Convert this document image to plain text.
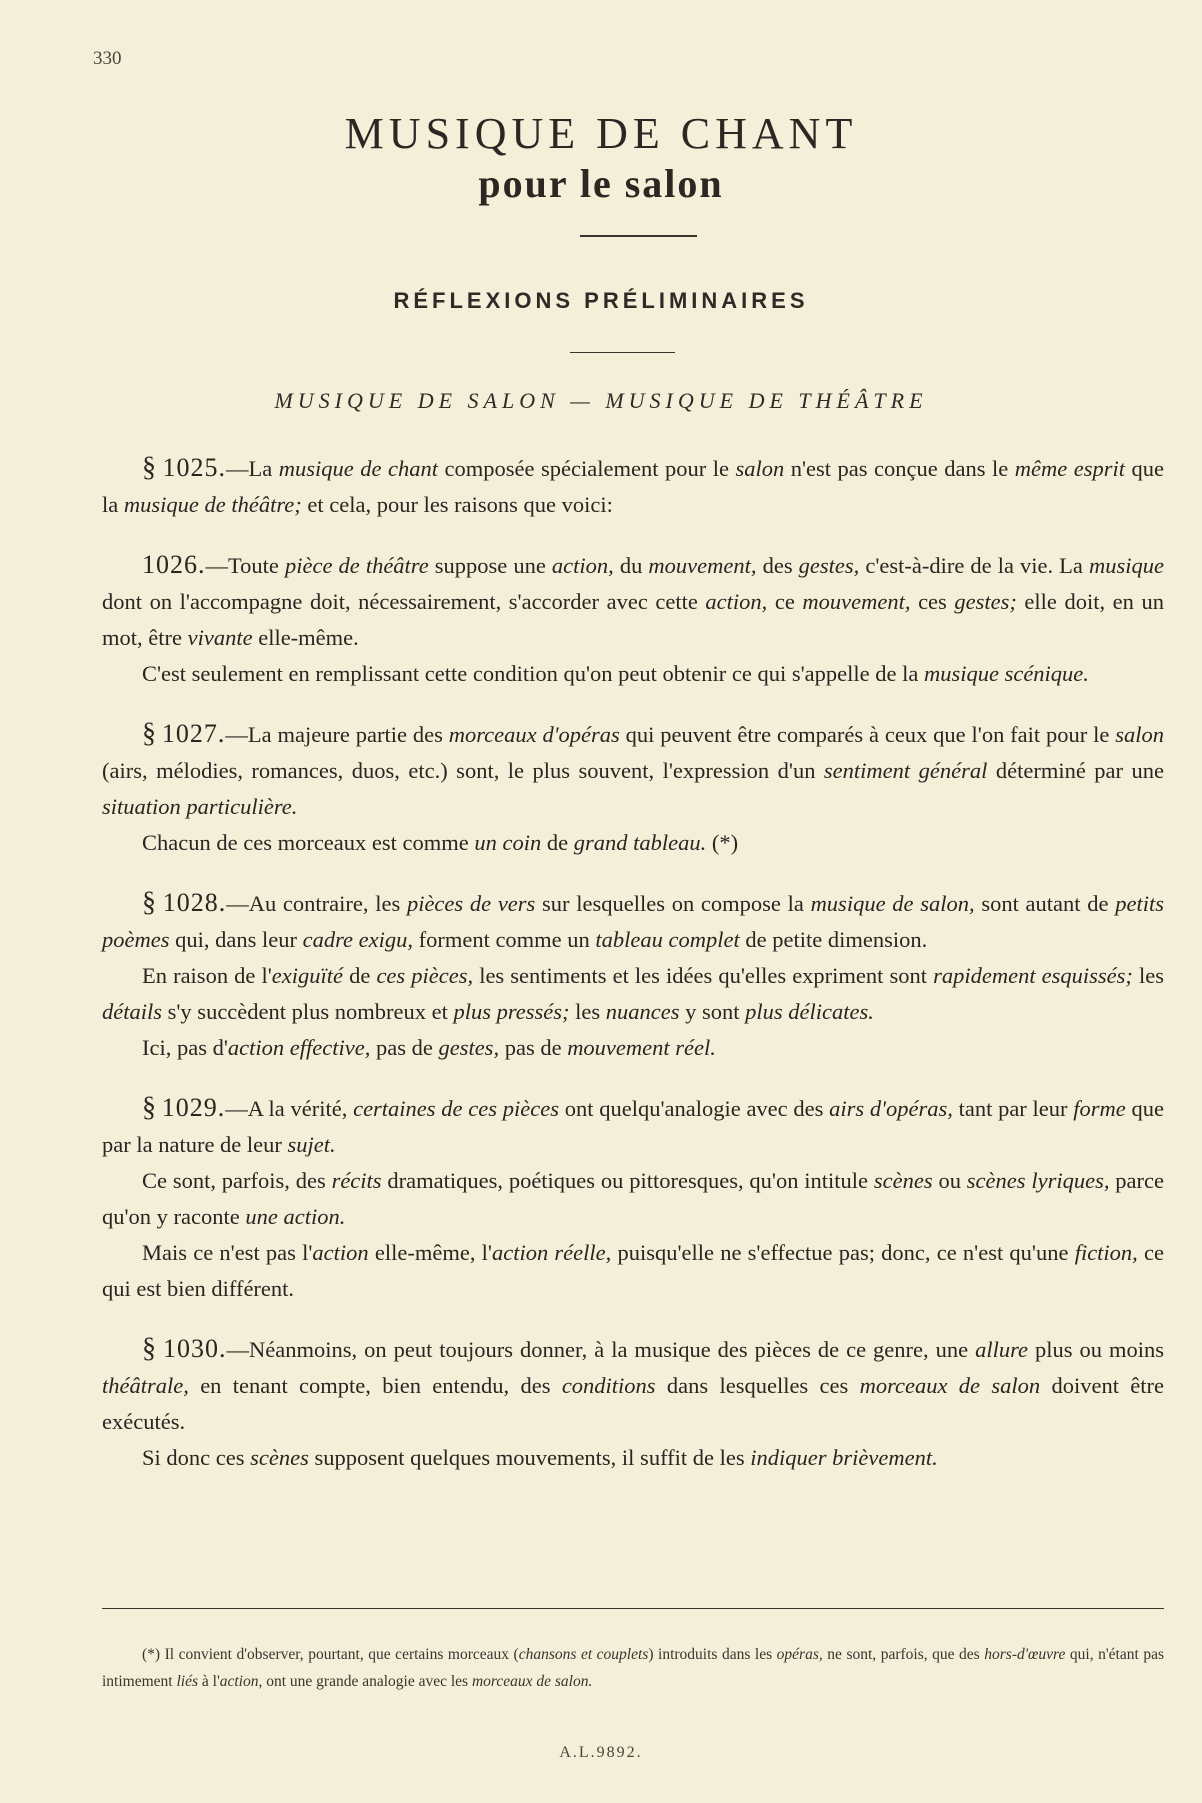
330
MUSIQUE DE CHANT
pour le salon
RÉFLEXIONS PRÉLIMINAIRES
MUSIQUE DE SALON — MUSIQUE DE THÉÂTRE

§ 1025.—La musique de chant composée spécialement pour le salon n'est pas conçue dans le même esprit que la musique de théâtre; et cela, pour les raisons que voici:

1026.—Toute pièce de théâtre suppose une action, du mouvement, des gestes, c'est-à-dire de la vie. La musique dont on l'accompagne doit, nécessairement, s'accorder avec cette action, ce mouvement, ces gestes; elle doit, en un mot, être vivante elle-même.

C'est seulement en remplissant cette condition qu'on peut obtenir ce qui s'appelle de la musique scénique.

§ 1027.—La majeure partie des morceaux d'opéras qui peuvent être comparés à ceux que l'on fait pour le salon (airs, mélodies, romances, duos, etc.) sont, le plus souvent, l'expression d'un sentiment général déterminé par une situation particulière.

Chacun de ces morceaux est comme un coin de grand tableau. (*)

§ 1028.—Au contraire, les pièces de vers sur lesquelles on compose la musique de salon, sont autant de petits poèmes qui, dans leur cadre exigu, forment comme un tableau complet de petite dimension.

En raison de l'exiguïté de ces pièces, les sentiments et les idées qu'elles expriment sont rapidement esquissés; les détails s'y succèdent plus nombreux et plus pressés; les nuances y sont plus délicates.

Ici, pas d'action effective, pas de gestes, pas de mouvement réel.

§ 1029.—A la vérité, certaines de ces pièces ont quelqu'analogie avec des airs d'opéras, tant par leur forme que par la nature de leur sujet.

Ce sont, parfois, des récits dramatiques, poétiques ou pittoresques, qu'on intitule scènes ou scènes lyriques, parce qu'on y raconte une action.

Mais ce n'est pas l'action elle-même, l'action réelle, puisqu'elle ne s'effectue pas; donc, ce n'est qu'une fiction, ce qui est bien différent.

§ 1030.—Néanmoins, on peut toujours donner, à la musique des pièces de ce genre, une allure plus ou moins théâtrale, en tenant compte, bien entendu, des conditions dans lesquelles ces morceaux de salon doivent être exécutés.

Si donc ces scènes supposent quelques mouvements, il suffit de les indiquer brièvement.

(*) Il convient d'observer, pourtant, que certains morceaux (chansons et couplets) introduits dans les opéras, ne sont, parfois, que des hors-d'œuvre qui, n'étant pas intimement liés à l'action, ont une grande analogie avec les morceaux de salon.

A.L.9892.
